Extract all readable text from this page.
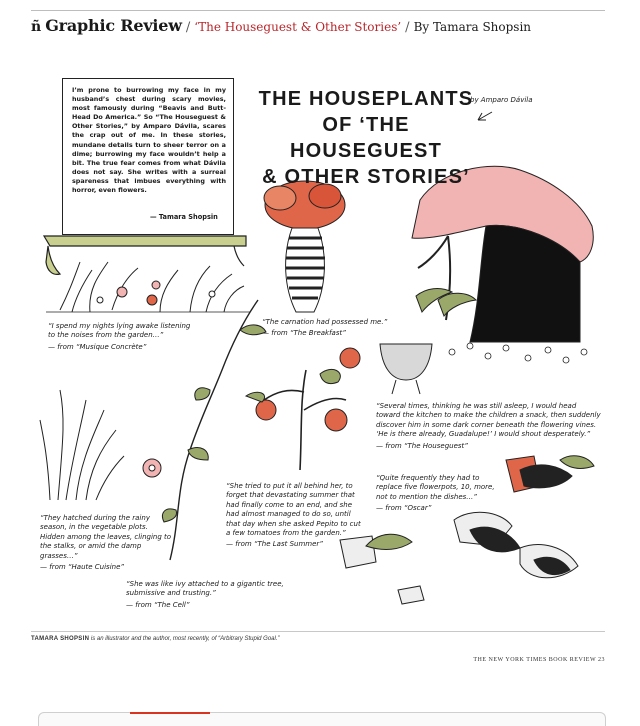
ñ Graphic Review / ‘The Houseguest & Other Stories’ / By Tamara Shopsin
I’m prone to burrowing my face in my husband’s chest during scary movies, most famously during “Beavis and Butt-Head Do America.” So “The Houseguest & Other Stories,” by Amparo Dávila, scares the crap out of me. In these stories, mundane details turn to sheer terror on a dime; burrowing my face wouldn’t help a bit. The true fear comes from what Dávila does not say. She writes with a surreal spareness that imbues everything with horror, even flowers.
— Tamara Shopsin
THE HOUSEPLANTS
OF ‘THE HOUSEGUEST
& OTHER STORIES’
by Amparo Dávila
“I spend my nights lying awake listening to the noises from the garden…”
— from “Musique Concrète”
“The carnation had possessed me.”
— from “The Breakfast”
“Several times, thinking he was still asleep, I would head toward the kitchen to make the children a snack, then suddenly discover him in some dark corner beneath the flowering vines. ‘He is there already, Guadalupe!’ I would shout desperately.”
— from “The Houseguest”
“Quite frequently they had to replace five flowerpots, 10, more, not to mention the dishes…”
— from “Oscar”
“She tried to put it all behind her, to forget that devastating summer that had finally come to an end, and she had almost managed to do so, until that day when she asked Pepito to cut a few tomatoes from the garden.”
— from “The Last Summer”
“They hatched during the rainy season, in the vegetable plots. Hidden among the leaves, clinging to the stalks, or amid the damp grasses…”
— from “Haute Cuisine”
“She was like ivy attached to a gigantic tree, submissive and trusting.”
— from “The Cell”
TAMARA SHOPSIN is an illustrator and the author, most recently, of “Arbitrary Stupid Goal.”
THE NEW YORK TIMES BOOK REVIEW 23
